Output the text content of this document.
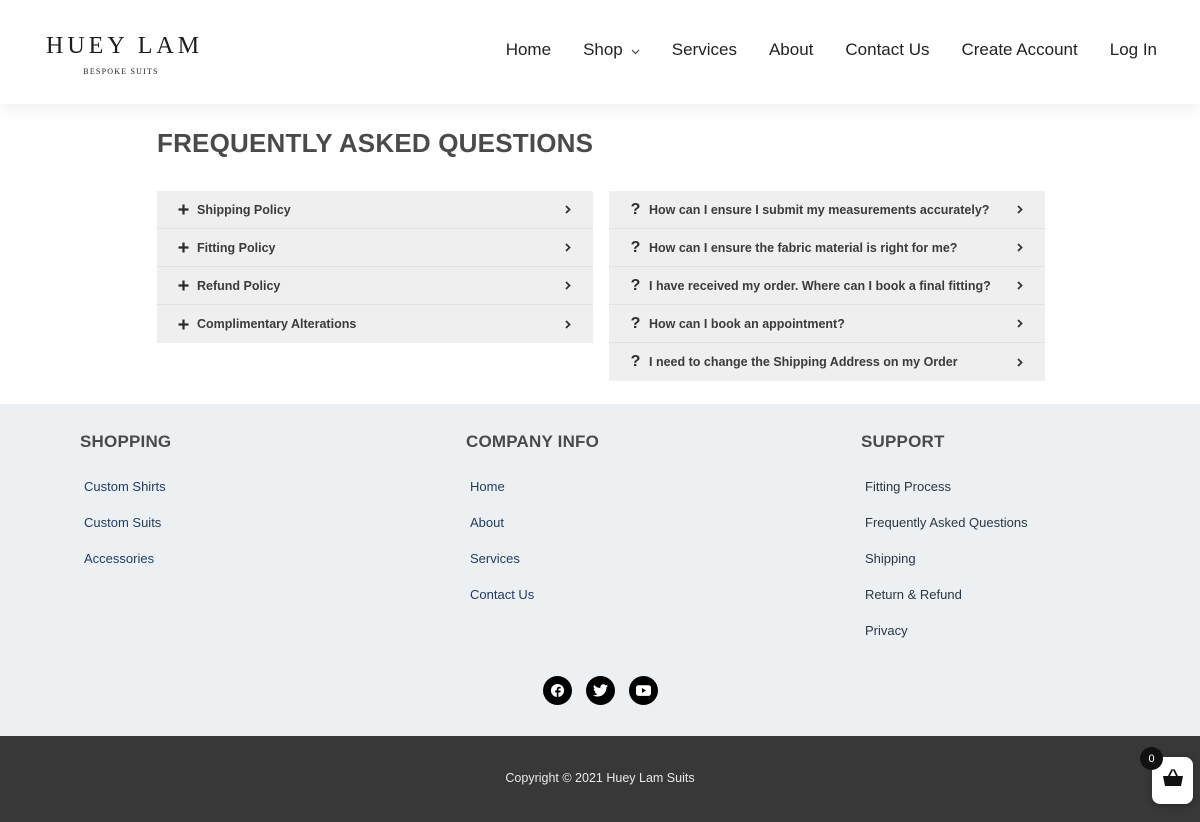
HUEY LAM
BESPOKE SUITS
Home Shop	Services About Contact Us Create Account Log In
FREQUENTLY ASKED QUESTIONS
Shipping Policy
Fitting Policy
Refund Policy
Complimentary Alterations
? How can I ensure I submit my measurements accurately?
? How can I ensure the fabric material is right for me?
? I have received my order. Where can I book a final fitting?
? How can I book an appointment?
? I need to change the Shipping Address on my Order
SHOPPING
Custom Shirts
Custom Suits
Accessories
COMPANY INFO
Home
About
Services
Contact Us
SUPPORT
Fitting Process
Frequently Asked Questions
Shipping
Return & Refund
Privacy
Copyright © 2021 Huey Lam Suits
0
